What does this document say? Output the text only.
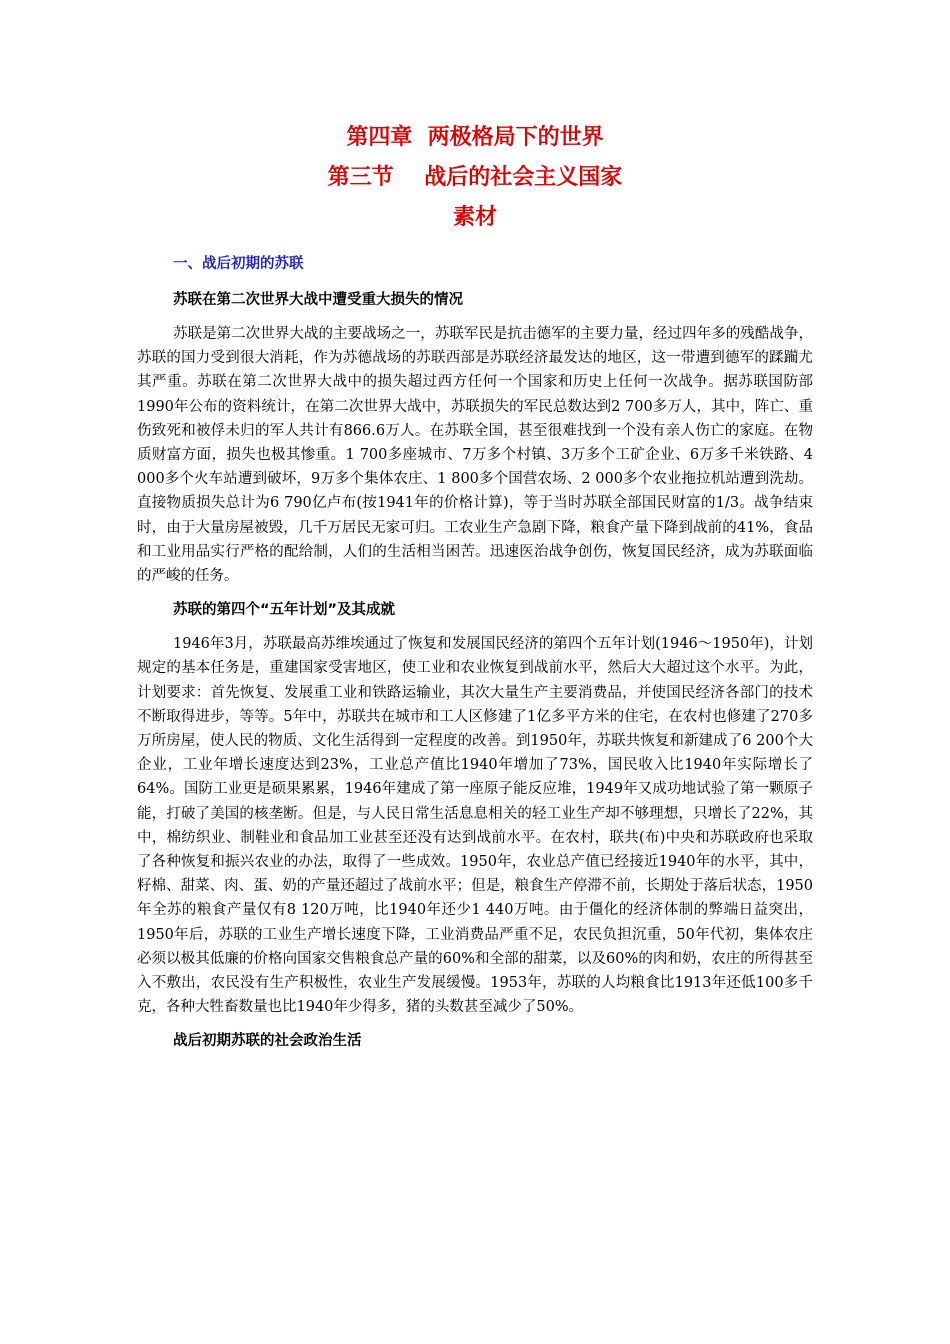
第四章  两极格局下的世界
第三节    战后的社会主义国家
素材
一、战后初期的苏联
苏联在第二次世界大战中遭受重大损失的情况

苏联是第二次世界大战的主要战场之一，苏联军民是抗击德军的主要力量，经过四年多的残酷战争，苏联的国力受到很大消耗，作为苏德战场的苏联西部是苏联经济最发达的地区，这一带遭到德军的蹂躏尤其严重。苏联在第二次世界大战中的损失超过西方任何一个国家和历史上任何一次战争。据苏联国防部1990年公布的资料统计，在第二次世界大战中，苏联损失的军民总数达到2 700多万人，其中，阵亡、重伤致死和被俘未归的军人共计有866.6万人。在苏联全国，甚至很难找到一个没有亲人伤亡的家庭。在物质财富方面，损失也极其惨重。1 700多座城市、7万多个村镇、3万多个工矿企业、6万多千米铁路、4 000多个火车站遭到破坏，9万多个集体农庄、1 800多个国营农场、2 000多个农业拖拉机站遭到洗劫。直接物质损失总计为6 790亿卢布(按1941年的价格计算)，等于当时苏联全部国民财富的1/3。战争结束时，由于大量房屋被毁，几千万居民无家可归。工农业生产急剧下降，粮食产量下降到战前的41%，食品和工业用品实行严格的配给制，人们的生活相当困苦。迅速医治战争创伤，恢复国民经济，成为苏联面临的严峻的任务。

苏联的第四个“五年计划”及其成就

1946年3月，苏联最高苏维埃通过了恢复和发展国民经济的第四个五年计划(1946～1950年)，计划规定的基本任务是，重建国家受害地区，使工业和农业恢复到战前水平，然后大大超过这个水平。为此，计划要求：首先恢复、发展重工业和铁路运输业，其次大量生产主要消费品，并使国民经济各部门的技术不断取得进步，等等。5年中，苏联共在城市和工人区修建了1亿多平方米的住宅，在农村也修建了270多万所房屋，使人民的物质、文化生活得到一定程度的改善。到1950年，苏联共恢复和新建成了6 200个大企业，工业年增长速度达到23%，工业总产值比1940年增加了73%，国民收入比1940年实际增长了64%。国防工业更是硕果累累，1946年建成了第一座原子能反应堆，1949年又成功地试验了第一颗原子能，打破了美国的核垄断。但是，与人民日常生活息息相关的轻工业生产却不够理想，只增长了22%，其中，棉纺织业、制鞋业和食品加工业甚至还没有达到战前水平。在农村，联共(布)中央和苏联政府也采取了各种恢复和振兴农业的办法，取得了一些成效。1950年，农业总产值已经接近1940年的水平，其中，籽棉、甜菜、肉、蛋、奶的产量还超过了战前水平；但是，粮食生产停滞不前，长期处于落后状态，1950年全苏的粮食产量仅有8 120万吨，比1940年还少1 440万吨。由于僵化的经济体制的弊端日益突出，1950年后，苏联的工业生产增长速度下降，工业消费品严重不足，农民负担沉重，50年代初，集体农庄必须以极其低廉的价格向国家交售粮食总产量的60%和全部的甜菜，以及60%的肉和奶，农庄的所得甚至入不敷出，农民没有生产积极性，农业生产发展缓慢。1953年，苏联的人均粮食比1913年还低100多千克，各种大牲畜数量也比1940年少得多，猪的头数甚至减少了50%。

战后初期苏联的社会政治生活
